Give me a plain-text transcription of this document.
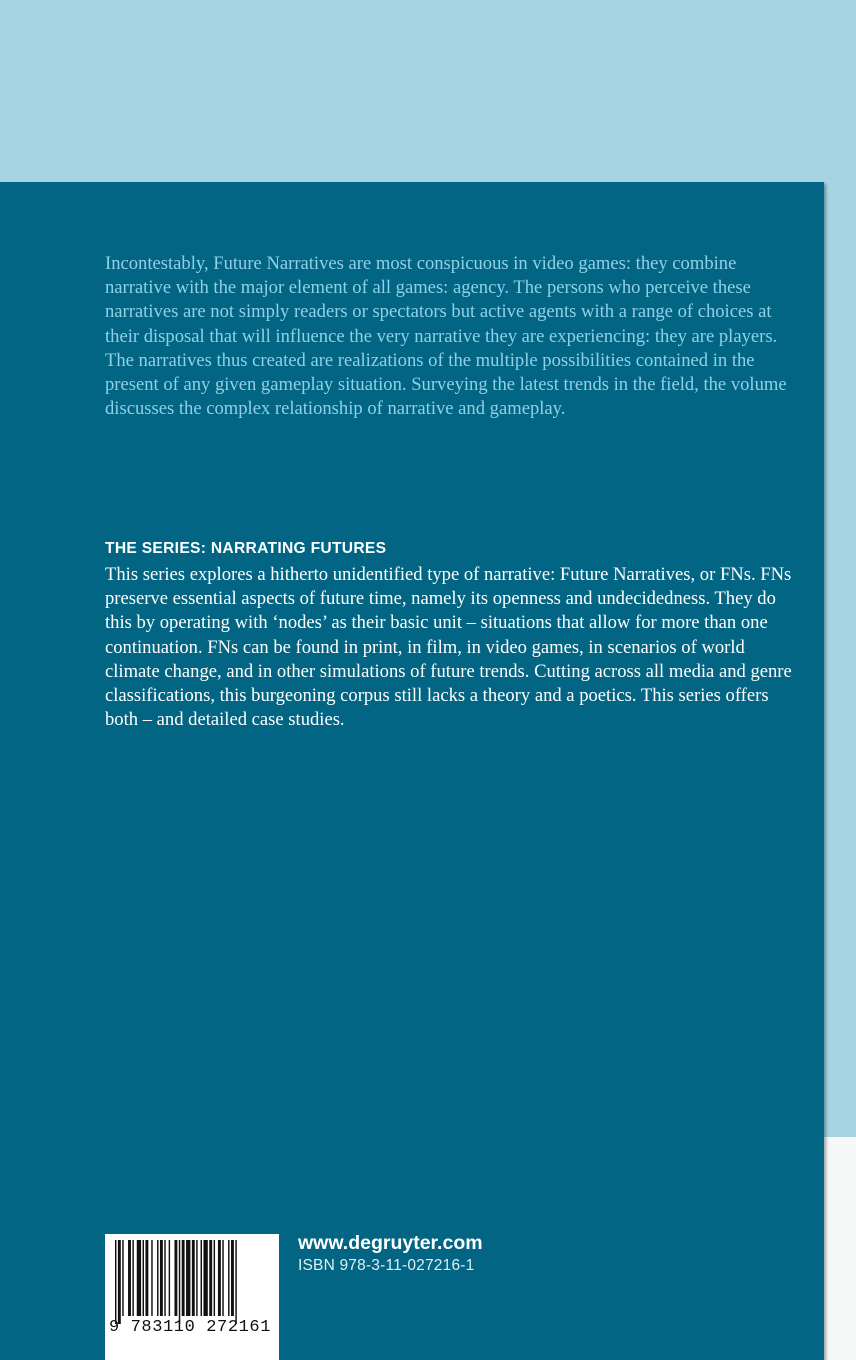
Incontestably, Future Narratives are most conspicuous in video games: they combine narrative with the major element of all games: agency. The persons who perceive these narratives are not simply readers or spectators but active agents with a range of choices at their disposal that will influence the very narrative they are experiencing: they are players. The narratives thus created are realizations of the multiple possibilities contained in the present of any given gameplay situation. Surveying the latest trends in the field, the volume discusses the complex relationship of narrative and gameplay.

THE SERIES: NARRATING FUTURES

This series explores a hitherto unidentified type of narrative: Future Narratives, or FNs. FNs preserve essential aspects of future time, namely its openness and undecidedness. They do this by operating with ‘nodes’ as their basic unit – situations that allow for more than one continuation. FNs can be found in print, in film, in video games, in scenarios of world climate change, and in other simulations of future trends. Cutting across all media and genre classifications, this burgeoning corpus still lacks a theory and a poetics. This series offers both – and detailed case studies.

9 783110 272161
www.degruyter.com
ISBN 978-3-11-027216-1
